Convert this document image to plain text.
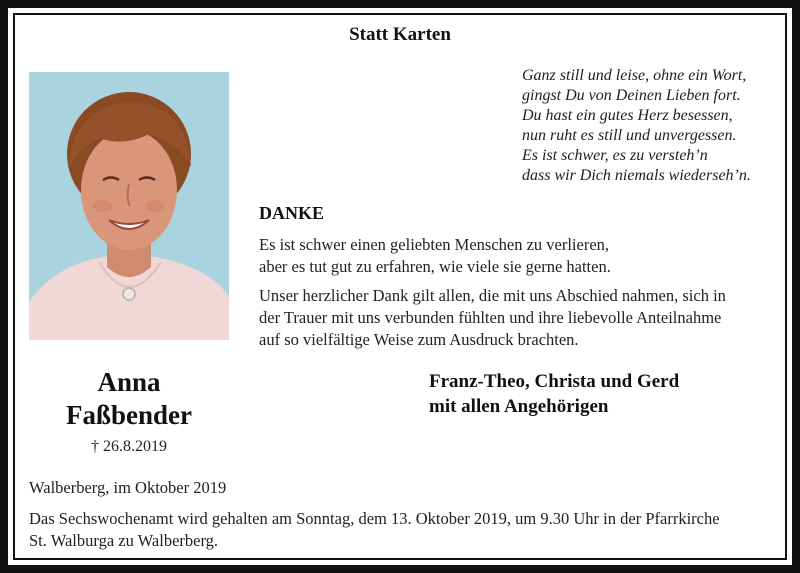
Statt Karten
Ganz still und leise, ohne ein Wort,
gingst Du von Deinen Lieben fort.
Du hast ein gutes Herz besessen,
nun ruht es still und unvergessen.
Es ist schwer, es zu versteh’n
dass wir Dich niemals wiederseh’n.
DANKE
Es ist schwer einen geliebten Menschen zu verlieren,
aber es tut gut zu erfahren, wie viele sie gerne hatten.
Unser herzlicher Dank gilt allen, die mit uns Abschied nahmen, sich in
der Trauer mit uns verbunden fühlten und ihre liebevolle Anteilnahme
auf so vielfältige Weise zum Ausdruck brachten.
Anna
Faßbender
† 26.8.2019
Franz-Theo, Christa und Gerd
mit allen Angehörigen
Walberberg, im Oktober 2019
Das Sechswochenamt wird gehalten am Sonntag, dem 13. Oktober 2019, um 9.30 Uhr in der Pfarrkirche
St. Walburga zu Walberberg.
